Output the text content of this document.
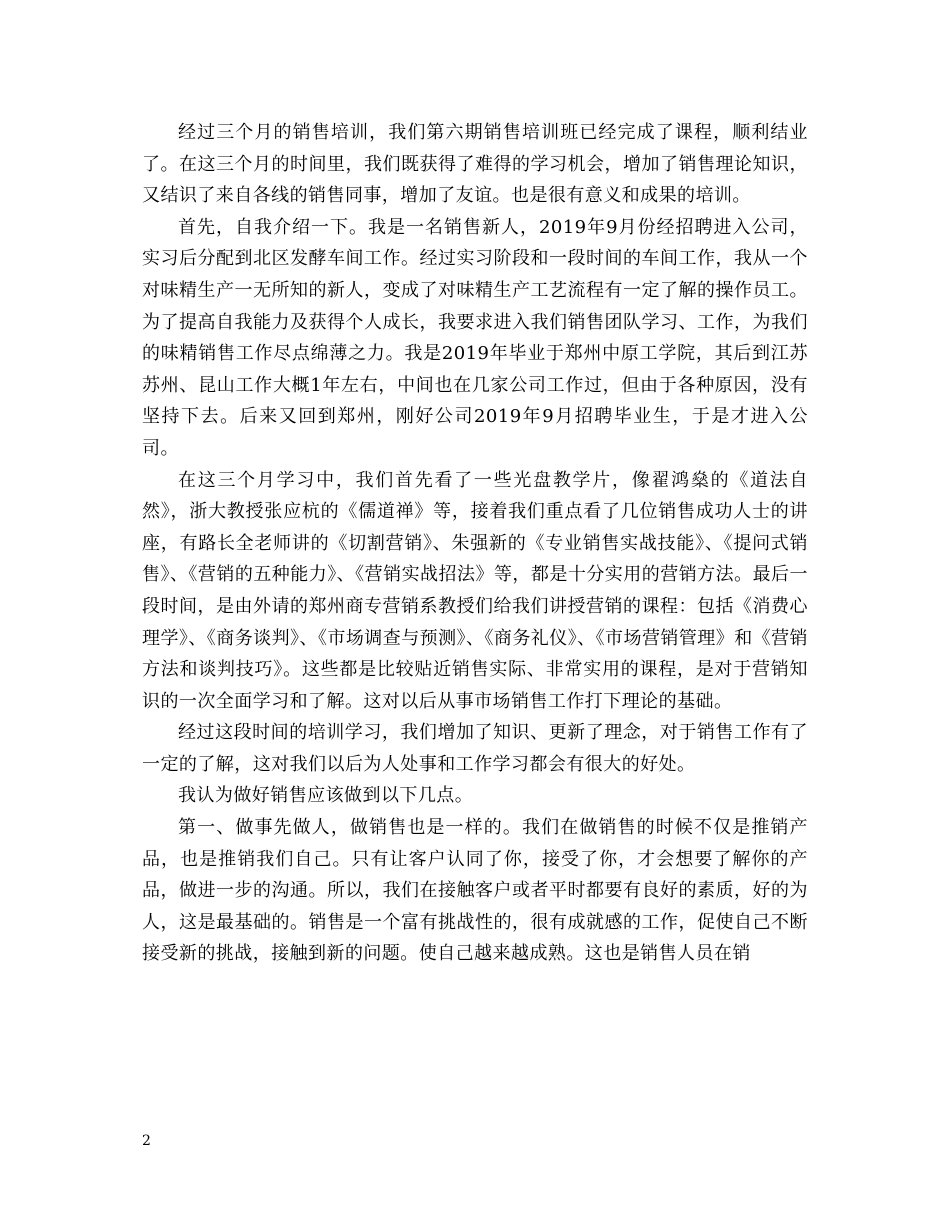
经过三个月的销售培训，我们第六期销售培训班已经完成了课程，顺利结业了。在这三个月的时间里，我们既获得了难得的学习机会，增加了销售理论知识，又结识了来自各线的销售同事，增加了友谊。也是很有意义和成果的培训。

首先，自我介绍一下。我是一名销售新人，2019年9月份经招聘进入公司，实习后分配到北区发酵车间工作。经过实习阶段和一段时间的车间工作，我从一个对味精生产一无所知的新人，变成了对味精生产工艺流程有一定了解的操作员工。为了提高自我能力及获得个人成长，我要求进入我们销售团队学习、工作，为我们的味精销售工作尽点绵薄之力。我是2019年毕业于郑州中原工学院，其后到江苏苏州、昆山工作大概1年左右，中间也在几家公司工作过，但由于各种原因，没有坚持下去。后来又回到郑州，刚好公司2019年9月招聘毕业生，于是才进入公司。

在这三个月学习中，我们首先看了一些光盘教学片，像翟鸿燊的《道法自然》，浙大教授张应杭的《儒道禅》等，接着我们重点看了几位销售成功人士的讲座，有路长全老师讲的《切割营销》、朱强新的《专业销售实战技能》、《提问式销售》、《营销的五种能力》、《营销实战招法》等，都是十分实用的营销方法。最后一段时间，是由外请的郑州商专营销系教授们给我们讲授营销的课程：包括《消费心理学》、《商务谈判》、《市场调查与预测》、《商务礼仪》、《市场营销管理》和《营销方法和谈判技巧》。这些都是比较贴近销售实际、非常实用的课程，是对于营销知识的一次全面学习和了解。这对以后从事市场销售工作打下理论的基础。

经过这段时间的培训学习，我们增加了知识、更新了理念，对于销售工作有了一定的了解，这对我们以后为人处事和工作学习都会有很大的好处。

我认为做好销售应该做到以下几点。

第一、做事先做人，做销售也是一样的。我们在做销售的时候不仅是推销产品，也是推销我们自己。只有让客户认同了你，接受了你，才会想要了解你的产品，做进一步的沟通。所以，我们在接触客户或者平时都要有良好的素质，好的为人，这是最基础的。销售是一个富有挑战性的，很有成就感的工作，促使自己不断接受新的挑战，接触到新的问题。使自己越来越成熟。这也是销售人员在销

2
